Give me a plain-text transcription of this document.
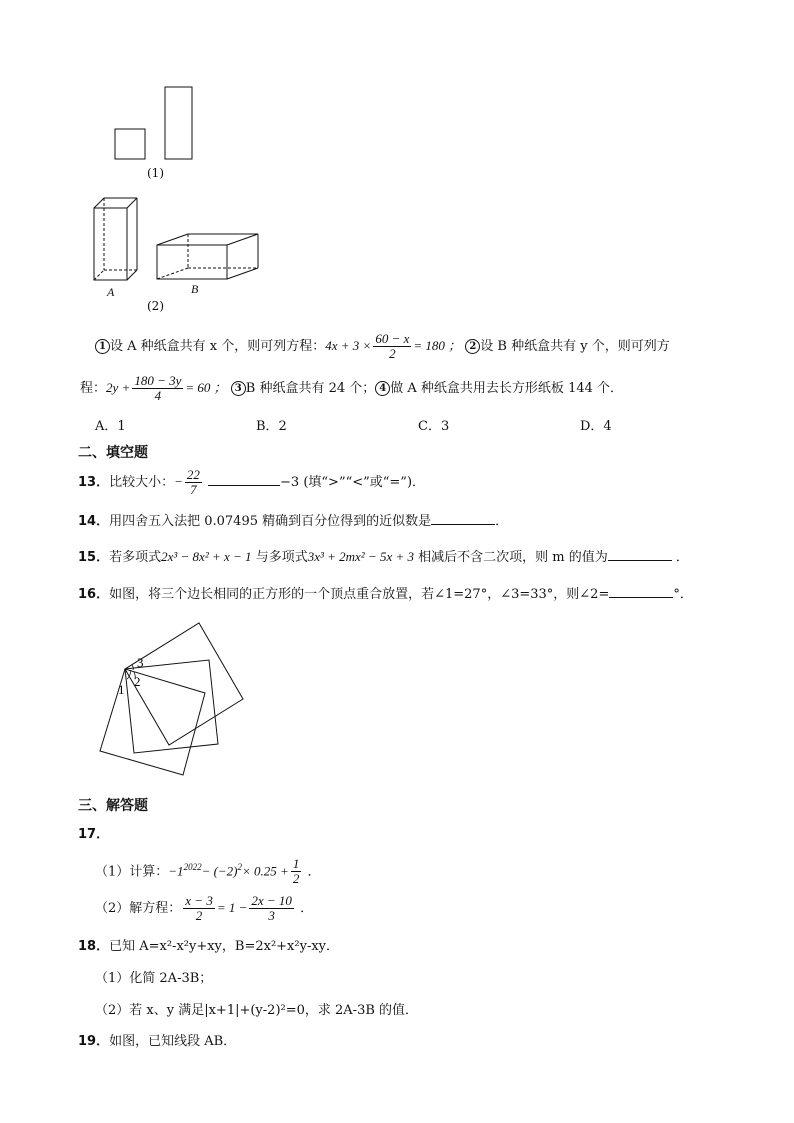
(1)
A	B
(2)
1 设 A 种纸盒共有 x 个，则可列方程：$4x + 3 \times \frac{60 - x}{2} = 180$ ； 2 设 B 种纸盒共有 y 个，则可列方
程：$2y + \frac{180 - 3y}{4} = 60$ ； 3 B 种纸盒共有 24 个； 4 做 A 种纸盒共用去长方形纸板 144 个．
A．1	B．2	C．3	D．4
二、填空题
13．比较大小：− $\frac{22}{7}$	−3 (填“>”“<”或“=”)．
14．用四舍五入法把 0.07495 精确到百分位得到的近似数是	．
15．若多项式2x³ − 8x² + x − 1 与多项式3x³ + 2mx² − 5x + 3 相减后不含二次项，则 m 的值为	．
16．如图，将三个边长相同的正方形的一个顶点重合放置，若∠1=27°，∠3=33°，则∠2=	°．
1
2
3
三、解答题
17．
（1）计算：$-1^{2022}- (-2)^2\times 0.25 + \frac{1}{2}$ ．
（2）解方程： $\frac{x - 3}{2} = 1 - \frac{2x - 10}{3}$ ．
18．已知 A=x²-x²y+xy，B=2x²+x²y-xy．
（1）化简 2A-3B；
（2）若 x、y 满足|x+1|+(y-2)²=0，求 2A-3B 的值．
19．如图，已知线段 AB．
